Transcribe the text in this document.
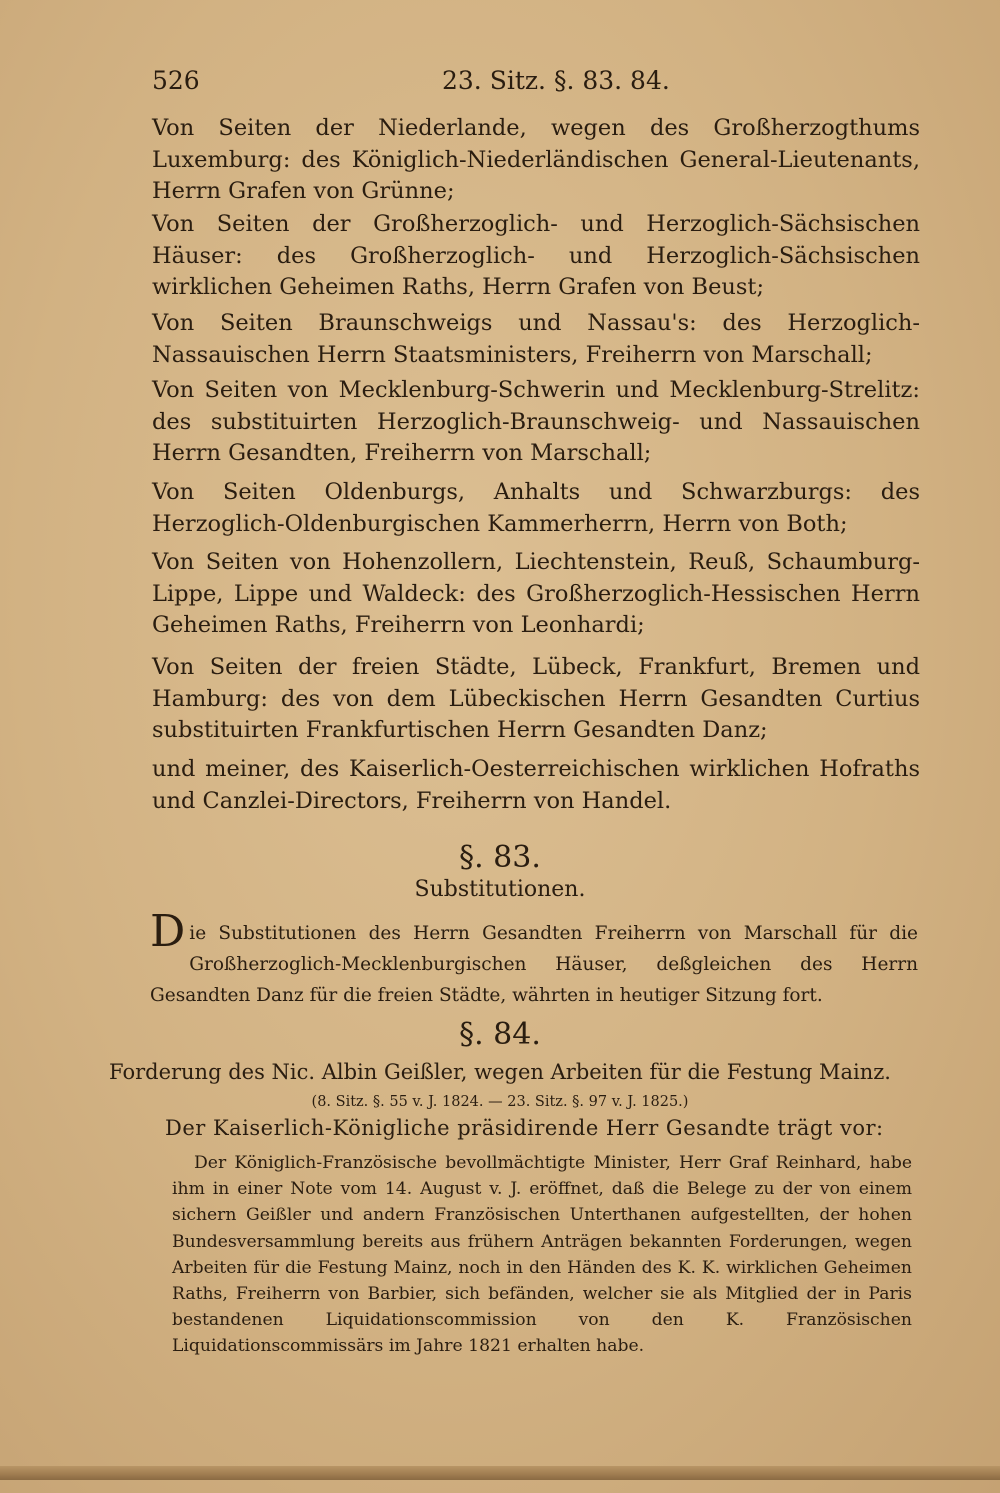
526	23. Sitz. §. 83. 84.

Von Seiten der Niederlande, wegen des Großherzogthums Luxemburg: des Königlich-Niederländischen General-Lieutenants, Herrn Grafen von Grünne;

Von Seiten der Großherzoglich- und Herzoglich-Sächsischen Häuser: des Großherzoglich- und Herzoglich-Sächsischen wirklichen Geheimen Raths, Herrn Grafen von Beust;

Von Seiten Braunschweigs und Nassau's: des Herzoglich-Nassauischen Herrn Staatsministers, Freiherrn von Marschall;

Von Seiten von Mecklenburg-Schwerin und Mecklenburg-Strelitz: des substituirten Herzoglich-Braunschweig- und Nassauischen Herrn Gesandten, Freiherrn von Marschall;

Von Seiten Oldenburgs, Anhalts und Schwarzburgs: des Herzoglich-Oldenburgischen Kammerherrn, Herrn von Both;

Von Seiten von Hohenzollern, Liechtenstein, Reuß, Schaumburg-Lippe, Lippe und Waldeck: des Großherzoglich-Hessischen Herrn Geheimen Raths, Freiherrn von Leonhardi;

Von Seiten der freien Städte, Lübeck, Frankfurt, Bremen und Hamburg: des von dem Lübeckischen Herrn Gesandten Curtius substituirten Frankfurtischen Herrn Gesandten Danz;

und meiner, des Kaiserlich-Oesterreichischen wirklichen Hofraths und Canzlei-Directors, Freiherrn von Handel.

§. 83.
Substitutionen.
D ie Substitutionen des Herrn Gesandten Freiherrn von Marschall für die Großherzoglich-Mecklenburgischen Häuser, deßgleichen des Herrn Gesandten Danz für die freien Städte, währten in heutiger Sitzung fort.
§. 84.
Forderung des Nic. Albin Geißler, wegen Arbeiten für die Festung Mainz.
(8. Sitz. §. 55 v. J. 1824. — 23. Sitz. §. 97 v. J. 1825.)
Der Kaiserlich-Königliche präsidirende Herr Gesandte trägt vor:

Der Königlich-Französische bevollmächtigte Minister, Herr Graf Reinhard, habe ihm in einer Note vom 14. August v. J. eröffnet, daß die Belege zu der von einem sichern Geißler und andern Französischen Unterthanen aufgestellten, der hohen Bundesversammlung bereits aus frühern Anträgen bekannten Forderungen, wegen Arbeiten für die Festung Mainz, noch in den Händen des K. K. wirklichen Geheimen Raths, Freiherrn von Barbier, sich befänden, welcher sie als Mitglied der in Paris bestandenen Liquidationscommission von den K. Französischen Liquidationscommissärs im Jahre 1821 erhalten habe.
